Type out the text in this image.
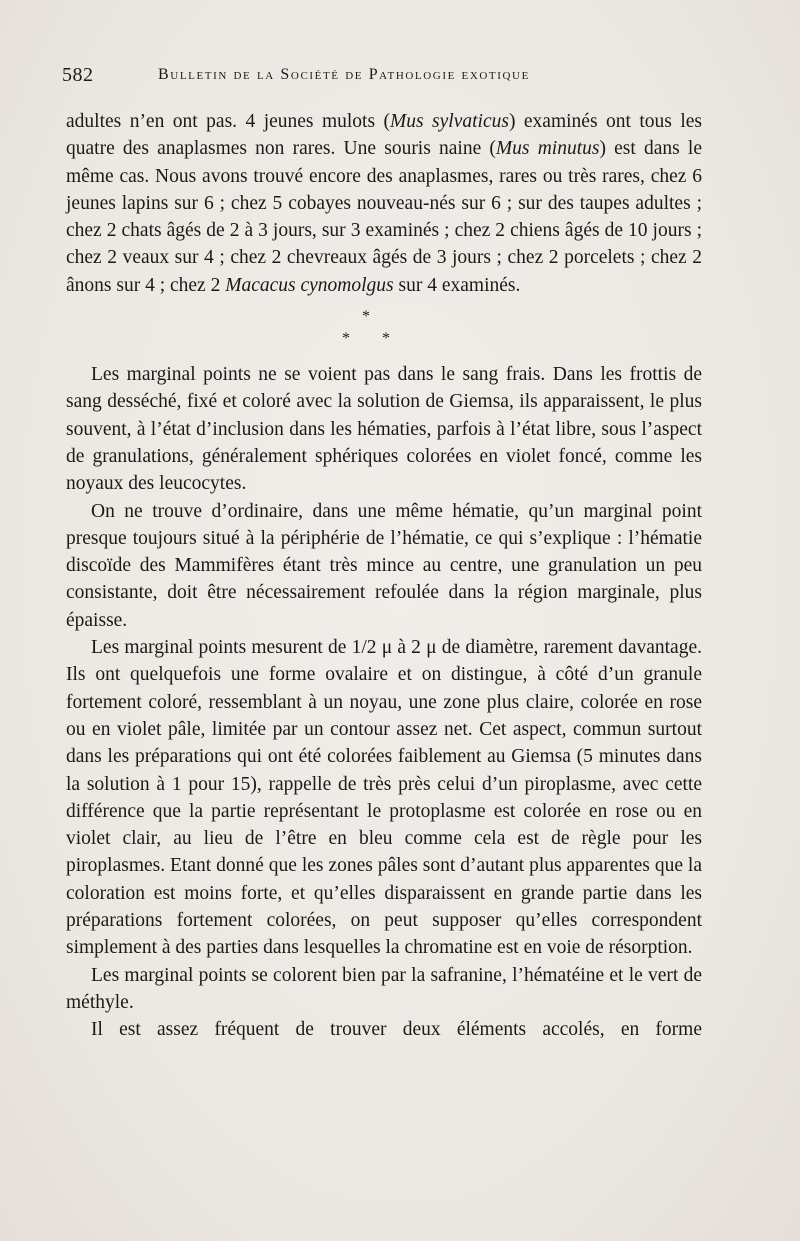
582	Bulletin de la Société de Pathologie exotique

adultes n’en ont pas. 4 jeunes mulots (Mus sylvaticus) examinés ont tous les quatre des anaplasmes non rares. Une souris naine (Mus minutus) est dans le même cas. Nous avons trouvé encore des anaplasmes, rares ou très rares, chez 6 jeunes lapins sur 6 ; chez 5 cobayes nouveau-nés sur 6 ; sur des taupes adultes ; chez 2 chats âgés de 2 à 3 jours, sur 3 examinés ; chez 2 chiens âgés de 10 jours ; chez 2 veaux sur 4 ; chez 2 chevreaux âgés de 3 jours ; chez 2 porcelets ; chez 2 ânons sur 4 ; chez 2 Macacus cynomolgus sur 4 examinés.

*
* *

Les marginal points ne se voient pas dans le sang frais. Dans les frottis de sang desséché, fixé et coloré avec la solution de Giemsa, ils apparaissent, le plus souvent, à l’état d’inclusion dans les hématies, parfois à l’état libre, sous l’aspect de granulations, généralement sphériques colorées en violet foncé, comme les noyaux des leucocytes.

On ne trouve d’ordinaire, dans une même hématie, qu’un marginal point presque toujours situé à la périphérie de l’hématie, ce qui s’explique : l’hématie discoïde des Mammifères étant très mince au centre, une granulation un peu consistante, doit être nécessairement refoulée dans la région marginale, plus épaisse.

Les marginal points mesurent de 1/2 μ à 2 μ de diamètre, rarement davantage. Ils ont quelquefois une forme ovalaire et on distingue, à côté d’un granule fortement coloré, ressemblant à un noyau, une zone plus claire, colorée en rose ou en violet pâle, limitée par un contour assez net. Cet aspect, commun surtout dans les préparations qui ont été colorées faiblement au Giemsa (5 minutes dans la solution à 1 pour 15), rappelle de très près celui d’un piroplasme, avec cette différence que la partie représentant le protoplasme est colorée en rose ou en violet clair, au lieu de l’être en bleu comme cela est de règle pour les piroplasmes. Etant donné que les zones pâles sont d’autant plus apparentes que la coloration est moins forte, et qu’elles disparaissent en grande partie dans les préparations fortement colorées, on peut supposer qu’elles correspondent simplement à des parties dans lesquelles la chromatine est en voie de résorption.

Les marginal points se colorent bien par la safranine, l’hématéine et le vert de méthyle.

Il est assez fréquent de trouver deux éléments accolés, en forme
